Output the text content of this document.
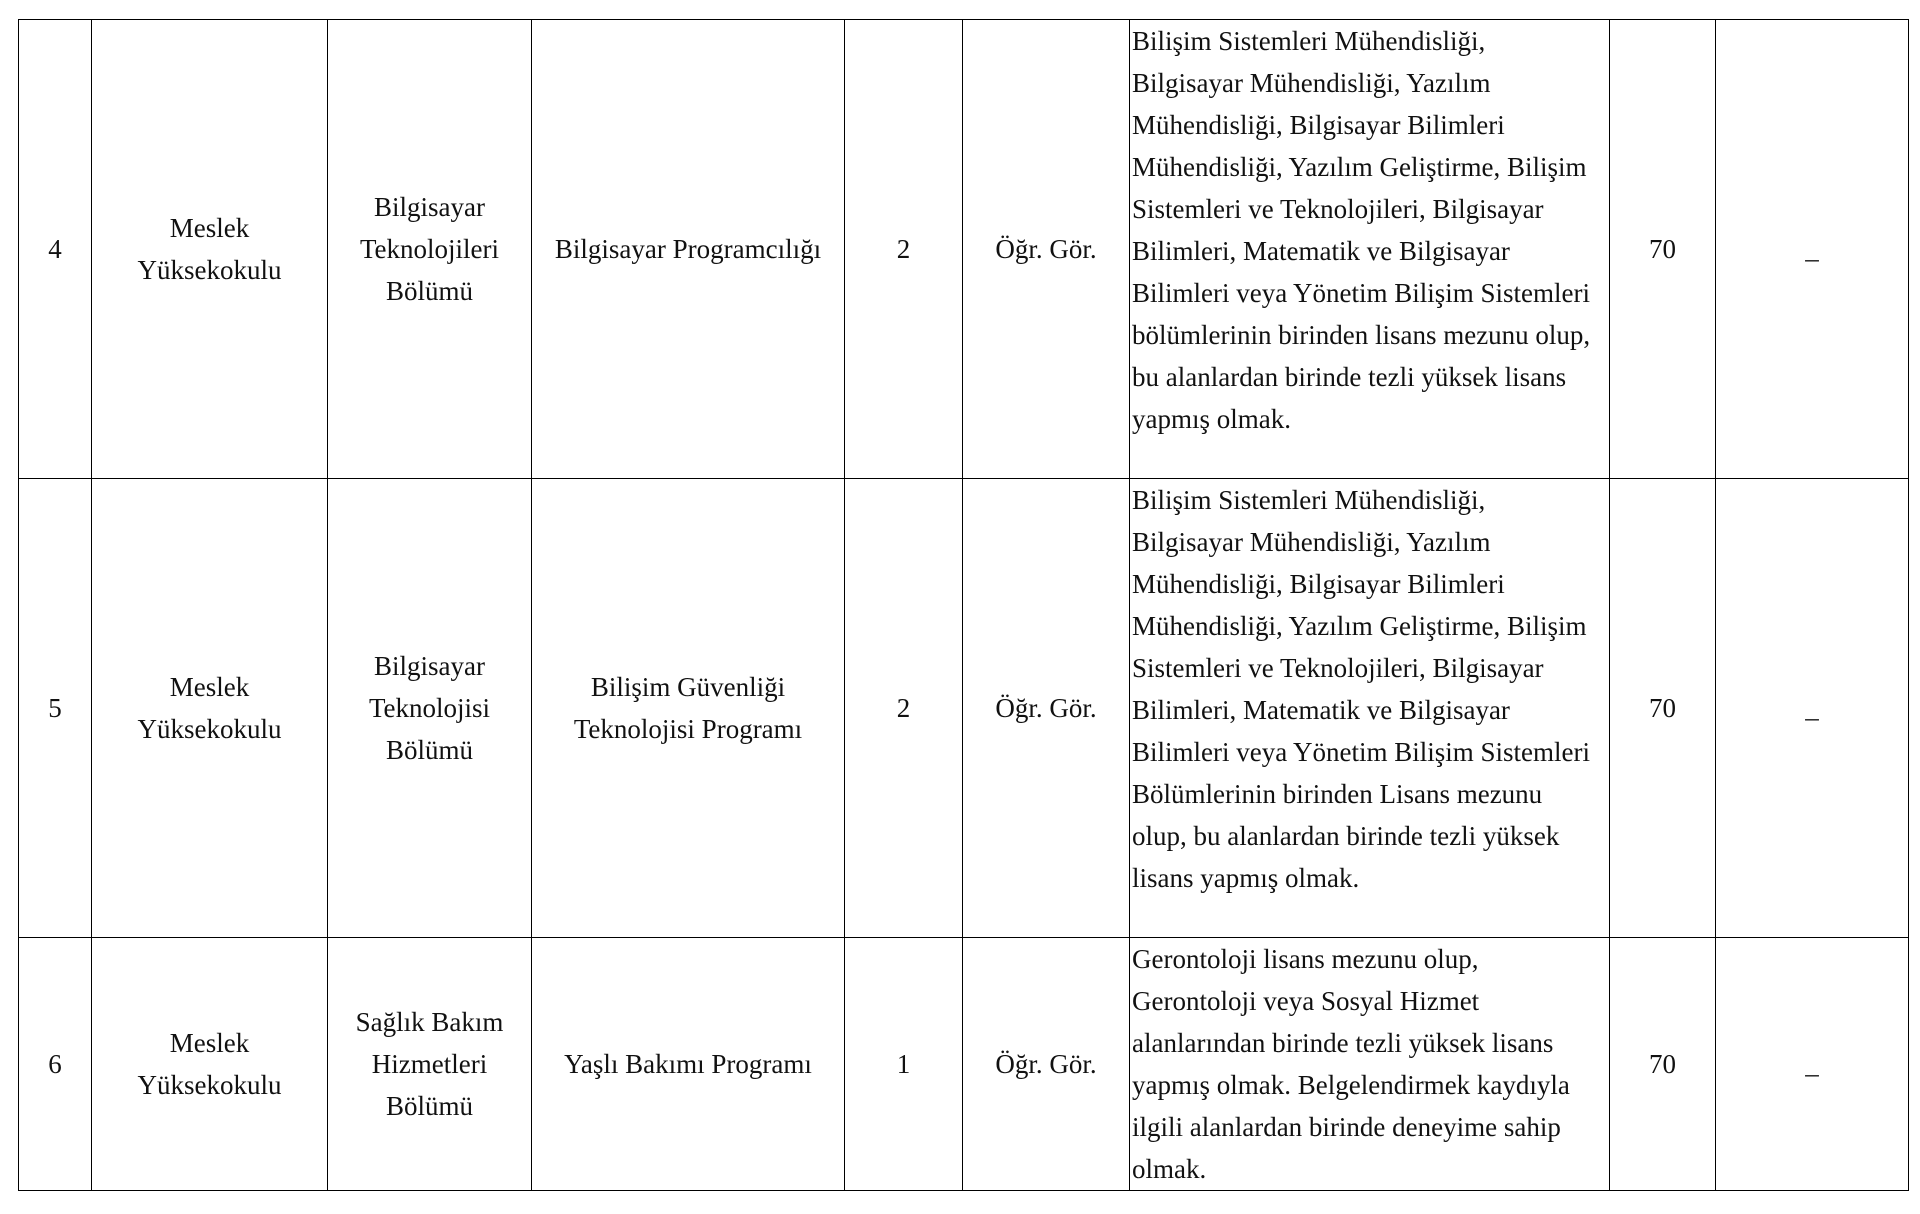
4	Meslek Yüksekokulu	Bilgisayar Teknolojileri Bölümü	Bilgisayar Programcılığı	2	Öğr. Gör.	Bilişim Sistemleri Mühendisliği, Bilgisayar Mühendisliği, Yazılım Mühendisliği, Bilgisayar Bilimleri Mühendisliği, Yazılım Geliştirme, Bilişim Sistemleri ve Teknolojileri, Bilgisayar Bilimleri, Matematik ve Bilgisayar Bilimleri veya Yönetim Bilişim Sistemleri bölümlerinin birinden lisans mezunu olup, bu alanlardan birinde tezli yüksek lisans yapmış olmak.	70	_
5	Meslek Yüksekokulu	Bilgisayar Teknolojisi Bölümü	Bilişim Güvenliği Teknolojisi Programı	2	Öğr. Gör.	Bilişim Sistemleri Mühendisliği, Bilgisayar Mühendisliği, Yazılım Mühendisliği, Bilgisayar Bilimleri Mühendisliği, Yazılım Geliştirme, Bilişim Sistemleri ve Teknolojileri, Bilgisayar Bilimleri, Matematik ve Bilgisayar Bilimleri veya Yönetim Bilişim Sistemleri Bölümlerinin birinden Lisans mezunu olup, bu alanlardan birinde tezli yüksek lisans yapmış olmak.	70	_
6	Meslek Yüksekokulu	Sağlık Bakım Hizmetleri Bölümü	Yaşlı Bakımı Programı	1	Öğr. Gör.	Gerontoloji lisans mezunu olup, Gerontoloji veya Sosyal Hizmet alanlarından birinde tezli yüksek lisans yapmış olmak. Belgelendirmek kaydıyla ilgili alanlardan birinde deneyime sahip olmak.	70	_
